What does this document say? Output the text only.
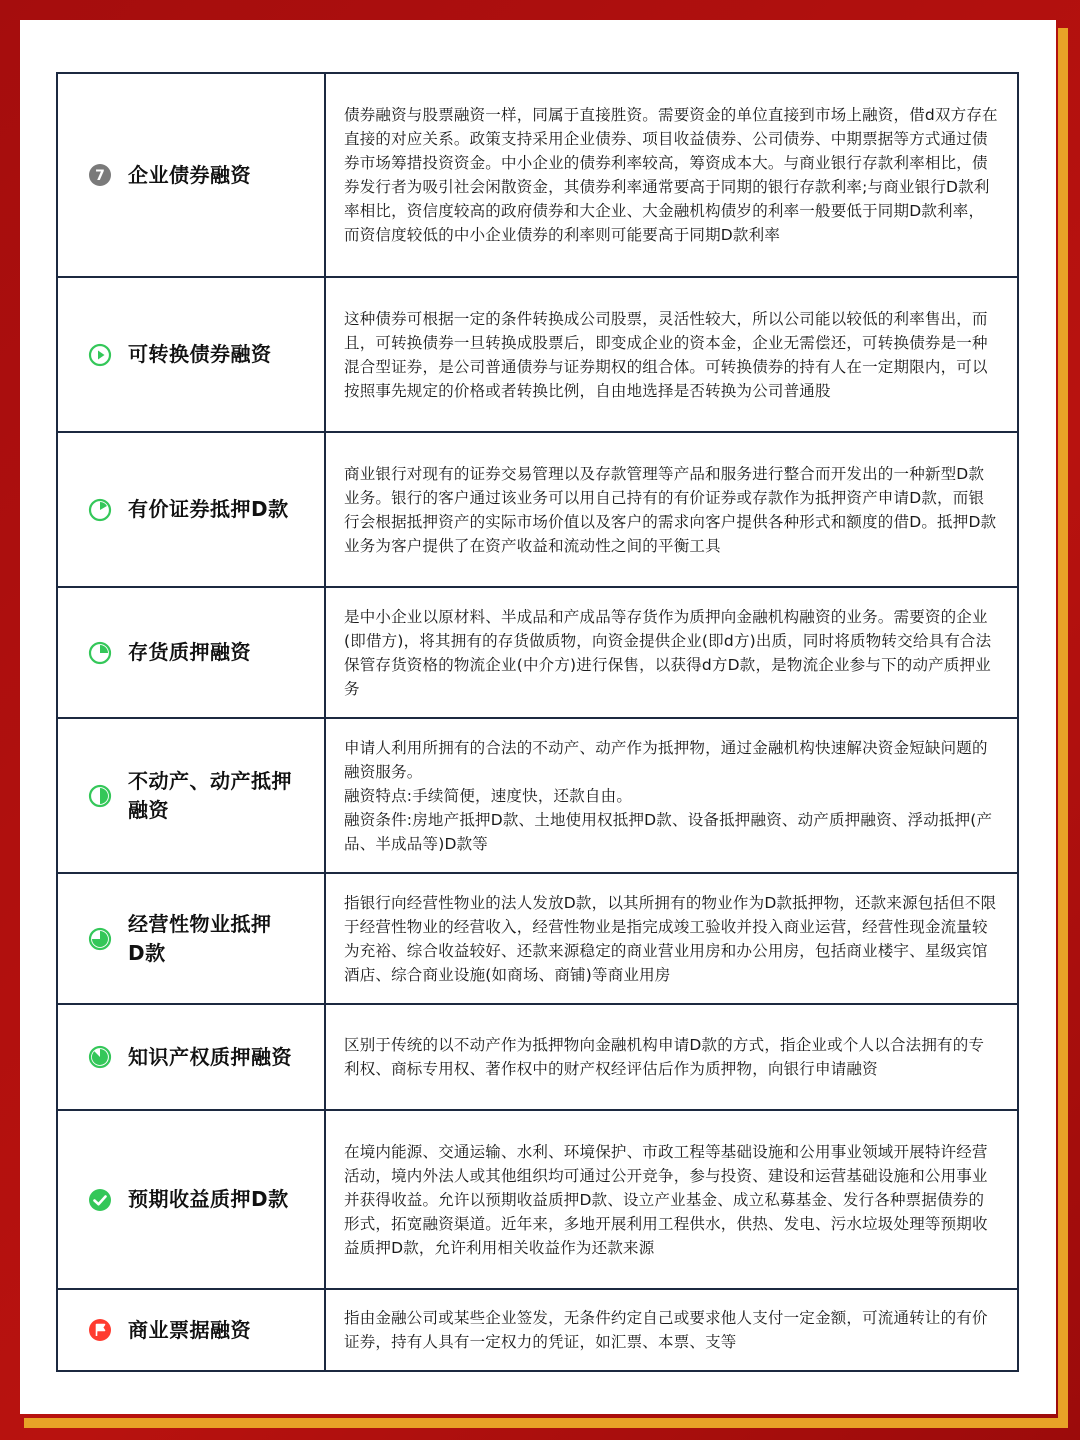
7 企业债券融资	债券融资与股票融资一样，同属于直接胜资。需要资金的单位直接到市场上融资，借d双方存在直接的对应关系。政策支持采用企业债券、项目收益债券、公司债券、中期票据等方式通过债券市场筹措投资资金。中小企业的债券利率较高，筹资成本大。与商业银行存款利率相比，债券发行者为吸引社会闲散资金，其债券利率通常要高于同期的银行存款利率;与商业银行D款利率相比，资信度较高的政府债券和大企业、大金融机构债岁的利率一般要低于同期D款利率，而资信度较低的中小企业债券的利率则可能要高于同期D款利率

可转换债券融资	这种债券可根据一定的条件转换成公司股票，灵活性较大，所以公司能以较低的利率售出，而且，可转换债券一旦转换成股票后，即变成企业的资本金，企业无需偿还，可转换债券是一种混合型证券，是公司普通债券与证券期权的组合体。可转换债券的持有人在一定期限内，可以按照事先规定的价格或者转换比例，自由地选择是否转换为公司普通股

有价证券抵押D款	商业银行对现有的证券交易管理以及存款管理等产品和服务进行整合而开发出的一种新型D款业务。银行的客户通过该业务可以用自己持有的有价证券或存款作为抵押资产申请D款，而银行会根据抵押资产的实际市场价值以及客户的需求向客户提供各种形式和额度的借D。抵押D款业务为客户提供了在资产收益和流动性之间的平衡工具

存货质押融资	是中小企业以原材料、半成品和产成品等存货作为质押向金融机构融资的业务。需要资的企业(即借方)，将其拥有的存货做质物，向资金提供企业(即d方)出质，同时将质物转交给具有合法保管存货资格的物流企业(中介方)进行保售，以获得d方D款，是物流企业参与下的动产质押业务

不动产、动产抵押
融资	申请人利用所拥有的合法的不动产、动产作为抵押物，通过金融机构快速解决资金短缺问题的融资服务。
融资特点:手续简便，速度快，还款自由。
融资条件:房地产抵押D款、土地使用权抵押D款、设备抵押融资、动产质押融资、浮动抵押(产品、半成品等)D款等

经营性物业抵押
D款	指银行向经营性物业的法人发放D款，以其所拥有的物业作为D款抵押物，还款来源包括但不限于经营性物业的经营收入，经营性物业是指完成竣工验收并投入商业运营，经营性现金流量较为充裕、综合收益较好、还款来源稳定的商业营业用房和办公用房，包括商业楼宇、星级宾馆酒店、综合商业设施(如商场、商铺)等商业用房

知识产权质押融资	区别于传统的以不动产作为抵押物向金融机构申请D款的方式，指企业或个人以合法拥有的专利权、商标专用权、著作权中的财产权经评估后作为质押物，向银行申请融资

预期收益质押D款	在境内能源、交通运输、水利、环境保护、市政工程等基础设施和公用事业领域开展特许经营活动，境内外法人或其他组织均可通过公开竞争，参与投资、建设和运营基础设施和公用事业并获得收益。允许以预期收益质押D款、设立产业基金、成立私募基金、发行各种票据债券的形式，拓宽融资渠道。近年来，多地开展利用工程供水，供热、发电、污水垃圾处理等预期收益质押D款，允许利用相关收益作为还款来源

商业票据融资	指由金融公司或某些企业签发，无条件约定自己或要求他人支付一定金额，可流通转让的有价证券，持有人具有一定权力的凭证，如汇票、本票、支等
